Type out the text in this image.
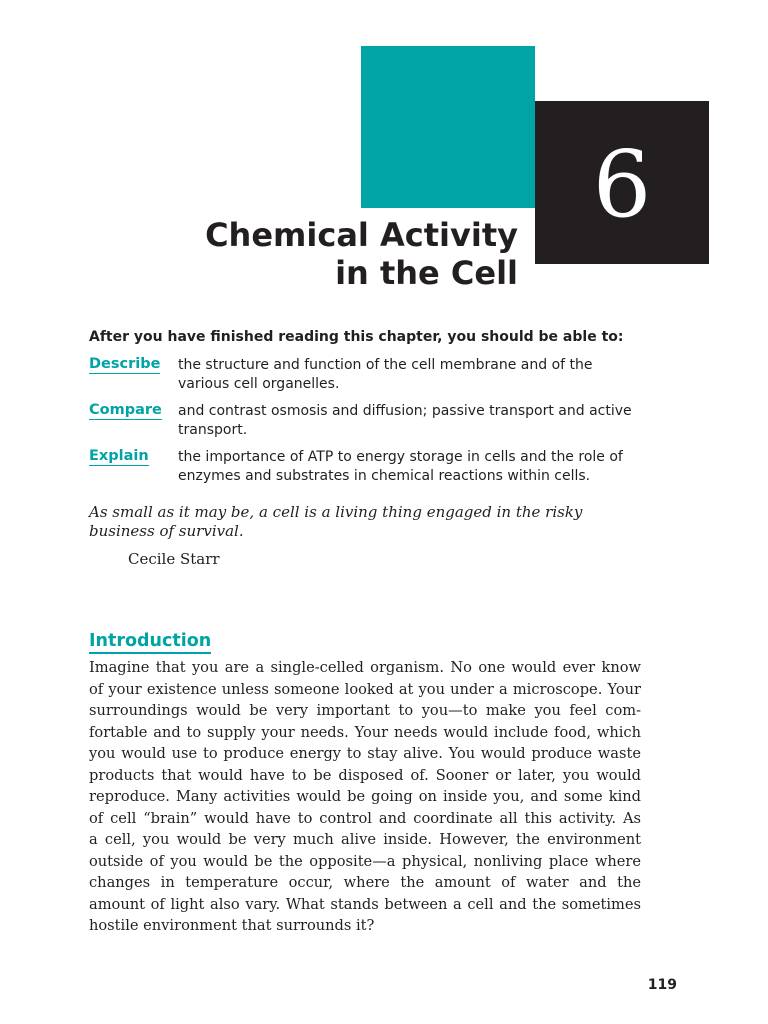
6
Chemical Activity
in the Cell
After you have finished reading this chapter, you should be able to:
Describe the structure and function of the cell membrane and of the various cell organelles.
Compare and contrast osmosis and diffusion; passive transport and active transport.
Explain the importance of ATP to energy storage in cells and the role of enzymes and substrates in chemical reactions within cells.
As small as it may be, a cell is a living thing engaged in the risky business of survival.
Cecile Starr
Introduction
Imagine that you are a single-celled organism. No one would ever know
of your existence unless someone looked at you under a microscope. Your
surroundings would be very important to you—to make you feel com-
fortable and to supply your needs. Your needs would include food, which
you would use to produce energy to stay alive. You would produce waste
products that would have to be disposed of. Sooner or later, you would
reproduce. Many activities would be going on inside you, and some kind
of cell “brain” would have to control and coordinate all this activity. As
a cell, you would be very much alive inside. However, the environment
outside of you would be the opposite—a physical, nonliving place where
changes in temperature occur, where the amount of water and the
amount of light also vary. What stands between a cell and the sometimes
hostile environment that surrounds it?
119
